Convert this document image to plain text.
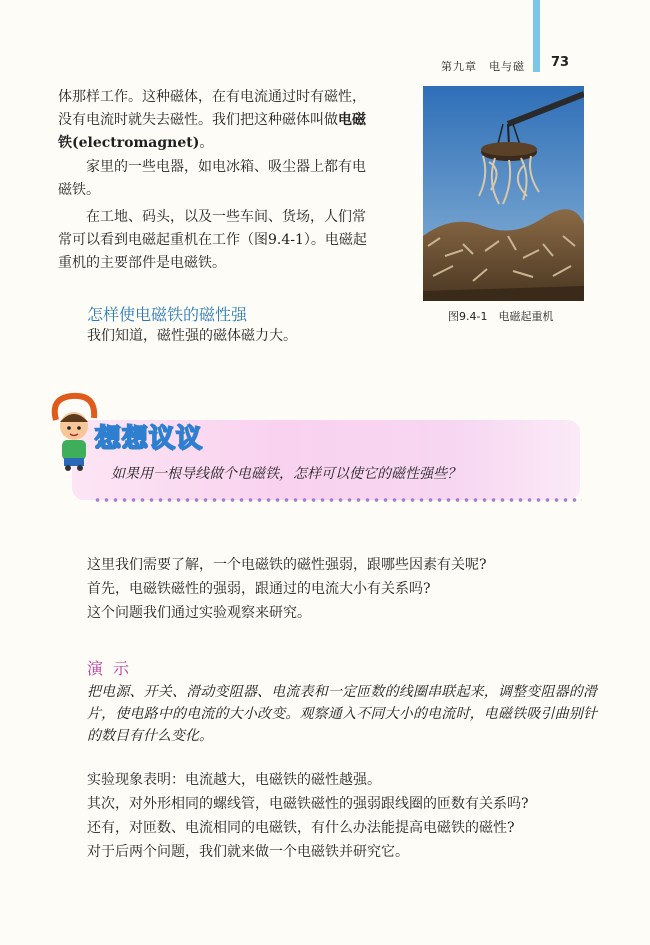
第九章　电与磁 73
体那样工作。这种磁体，在有电流通过时有磁性，
没有电流时就失去磁性。我们把这种磁体叫做电磁
铁(electromagnet)。
家里的一些电器，如电冰箱、吸尘器上都有电
磁铁。
在工地、码头，以及一些车间、货场，人们常
常可以看到电磁起重机在工作（图9.4-1）。电磁起
重机的主要部件是电磁铁。
图9.4-1　电磁起重机
怎样使电磁铁的磁性强
我们知道，磁性强的磁体磁力大。
想想议议
如果用一根导线做个电磁铁，怎样可以使它的磁性强些？
这里我们需要了解，一个电磁铁的磁性强弱，跟哪些因素有关呢?
首先，电磁铁磁性的强弱，跟通过的电流大小有关系吗?
这个问题我们通过实验观察来研究。
演示
把电源、开关、滑动变阻器、电流表和一定匝数的线圈串联起来，调整变阻器的滑片，使电路中的电流的大小改变。观察通入不同大小的电流时，电磁铁吸引曲别针的数目有什么变化。
实验现象表明：电流越大，电磁铁的磁性越强。
其次，对外形相同的螺线管，电磁铁磁性的强弱跟线圈的匝数有关系吗?
还有，对匝数、电流相同的电磁铁，有什么办法能提高电磁铁的磁性?
对于后两个问题，我们就来做一个电磁铁并研究它。
